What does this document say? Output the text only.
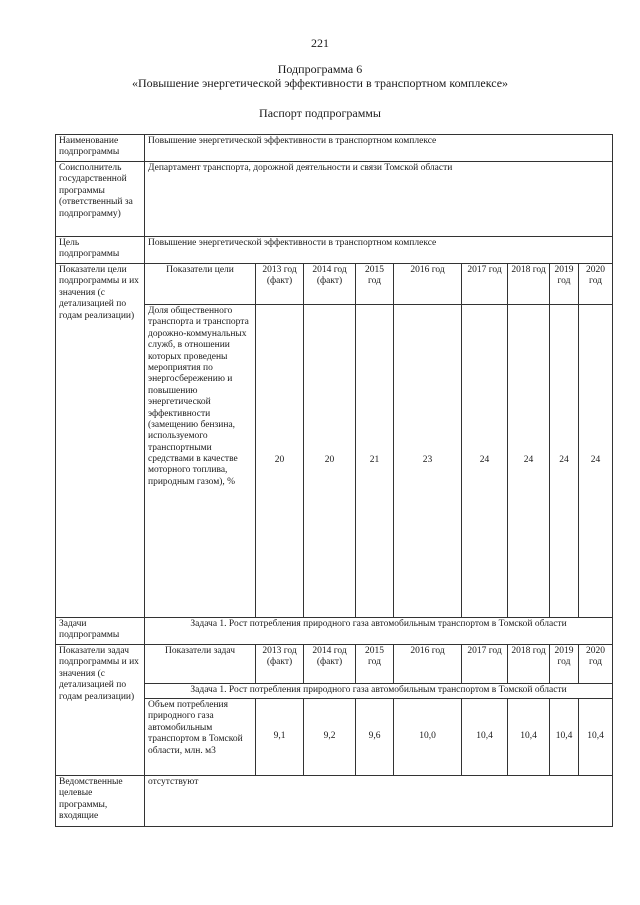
221
Подпрограмма 6
«Повышение энергетической эффективности в транспортном комплексе»
Паспорт подпрограммы
Наименование подпрограммы	Повышение энергетической эффективности в транспортном комплексе								
Соисполнитель государственной программы (ответственный за подпрограмму)	Департамент транспорта, дорожной деятельности и связи Томской области								
Цель подпрограммы	Повышение энергетической эффективности в транспортном комплексе								
Показатели цели подпрограммы и их значения (с детализацией по годам реализации)	Показатели цели	2013 год (факт)	2014 год (факт)	2015 год	2016 год	2017 год	2018 год	2019 год	2020 год
	Доля общественного транспорта и транспорта дорожно-коммунальных служб, в отношении которых проведены мероприятия по энергосбережению и повышению энергетической эффективности (замещению бензина, используемого транспортными средствами в качестве моторного топлива, природным газом), %	20	20	21	23	24	24	24	24
Задачи подпрограммы	Задача 1. Рост потребления природного газа автомобильным транспортом в Томской области								
Показатели задач подпрограммы и их значения (с детализацией по годам реализации)	Показатели задач	2013 год (факт)	2014 год (факт)	2015 год	2016 год	2017 год	2018 год	2019 год	2020 год
	Задача 1. Рост потребления природного газа автомобильным транспортом в Томской области								
	Объем потребления природного газа автомобильным транспортом в Томской области, млн. м3	9,1	9,2	9,6	10,0	10,4	10,4	10,4	10,4
Ведомственные целевые программы, входящие	отсутствуют								
